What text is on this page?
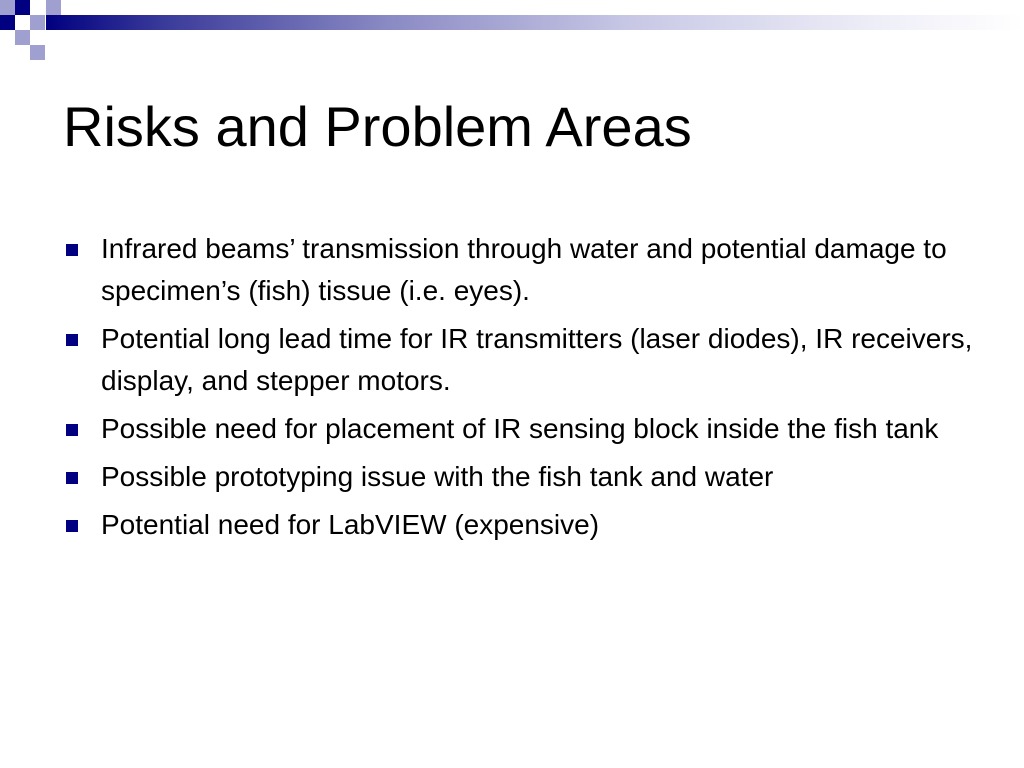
Risks and Problem Areas
Infrared beams’ transmission through water and potential damage to specimen’s (fish) tissue (i.e. eyes).
Potential long lead time for IR transmitters (laser diodes), IR receivers, display, and stepper motors.
Possible need for placement of IR sensing block inside the fish tank
Possible prototyping issue with the fish tank and water
Potential need for LabVIEW (expensive)
